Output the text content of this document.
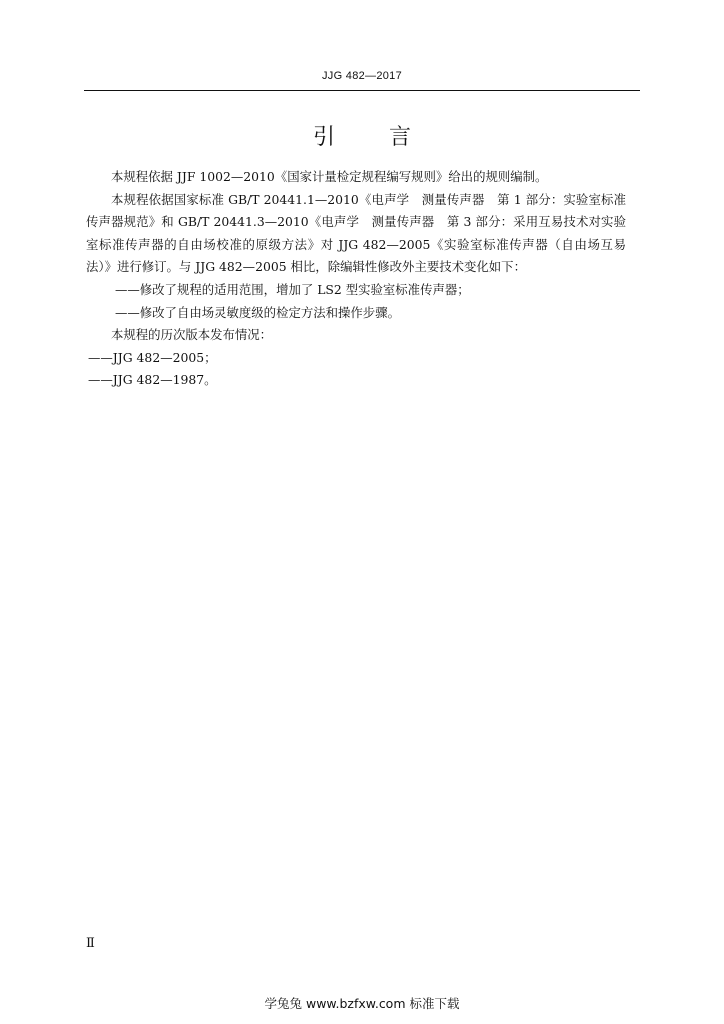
JJG 482—2017
引言

本规程依据 JJF 1002—2010《国家计量检定规程编写规则》给出的规则编制。

本规程依据国家标准 GB/T 20441.1—2010《电声学　测量传声器　第 1 部分：实验室标准传声器规范》和 GB/T 20441.3—2010《电声学　测量传声器　第 3 部分：采用互易技术对实验室标准传声器的自由场校准的原级方法》对 JJG 482—2005《实验室标准传声器（自由场互易法）》进行修订。与 JJG 482—2005 相比，除编辑性修改外主要技术变化如下：

——修改了规程的适用范围，增加了 LS2 型实验室标准传声器；

——修改了自由场灵敏度级的检定方法和操作步骤。

本规程的历次版本发布情况：

——JJG 482—2005；

——JJG 482—1987。

Ⅱ
学兔兔 www.bzfxw.com 标准下载
